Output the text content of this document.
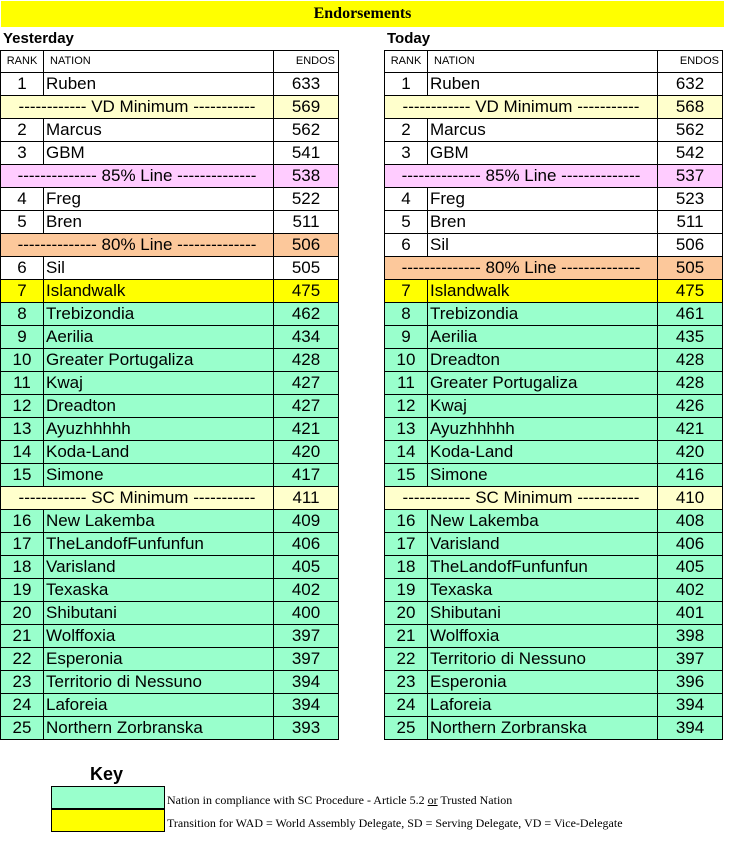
Endorsements
Yesterday	Today
RANK	NATION	ENDOS
1	Ruben	633
------------ VD Minimum -----------		569
2	Marcus	562
3	GBM	541
-------------- 85% Line --------------		538
4	Freg	522
5	Bren	511
-------------- 80% Line --------------		506
6	Sil	505
7	Islandwalk	475
8	Trebizondia	462
9	Aerilia	434
10	Greater Portugaliza	428
11	Kwaj	427
12	Dreadton	427
13	Ayuzhhhhh	421
14	Koda-Land	420
15	Simone	417
------------ SC Minimum -----------		411
16	New Lakemba	409
17	TheLandofFunfunfun	406
18	Varisland	405
19	Texaska	402
20	Shibutani	400
21	Wolffoxia	397
22	Esperonia	397
23	Territorio di Nessuno	394
24	Laforeia	394
25	Northern Zorbranska	393
RANK	NATION	ENDOS
1	Ruben	632
------------ VD Minimum -----------		568
2	Marcus	562
3	GBM	542
-------------- 85% Line --------------		537
4	Freg	523
5	Bren	511
6	Sil	506
-------------- 80% Line --------------		505
7	Islandwalk	475
8	Trebizondia	461
9	Aerilia	435
10	Dreadton	428
11	Greater Portugaliza	428
12	Kwaj	426
13	Ayuzhhhhh	421
14	Koda-Land	420
15	Simone	416
------------ SC Minimum -----------		410
16	New Lakemba	408
17	Varisland	406
18	TheLandofFunfunfun	405
19	Texaska	402
20	Shibutani	401
21	Wolffoxia	398
22	Territorio di Nessuno	397
23	Esperonia	396
24	Laforeia	394
25	Northern Zorbranska	394
Key
Nation in compliance with SC Procedure - Article 5.2 or Trusted Nation
Transition for WAD = World Assembly Delegate, SD = Serving Delegate, VD = Vice-Delegate
